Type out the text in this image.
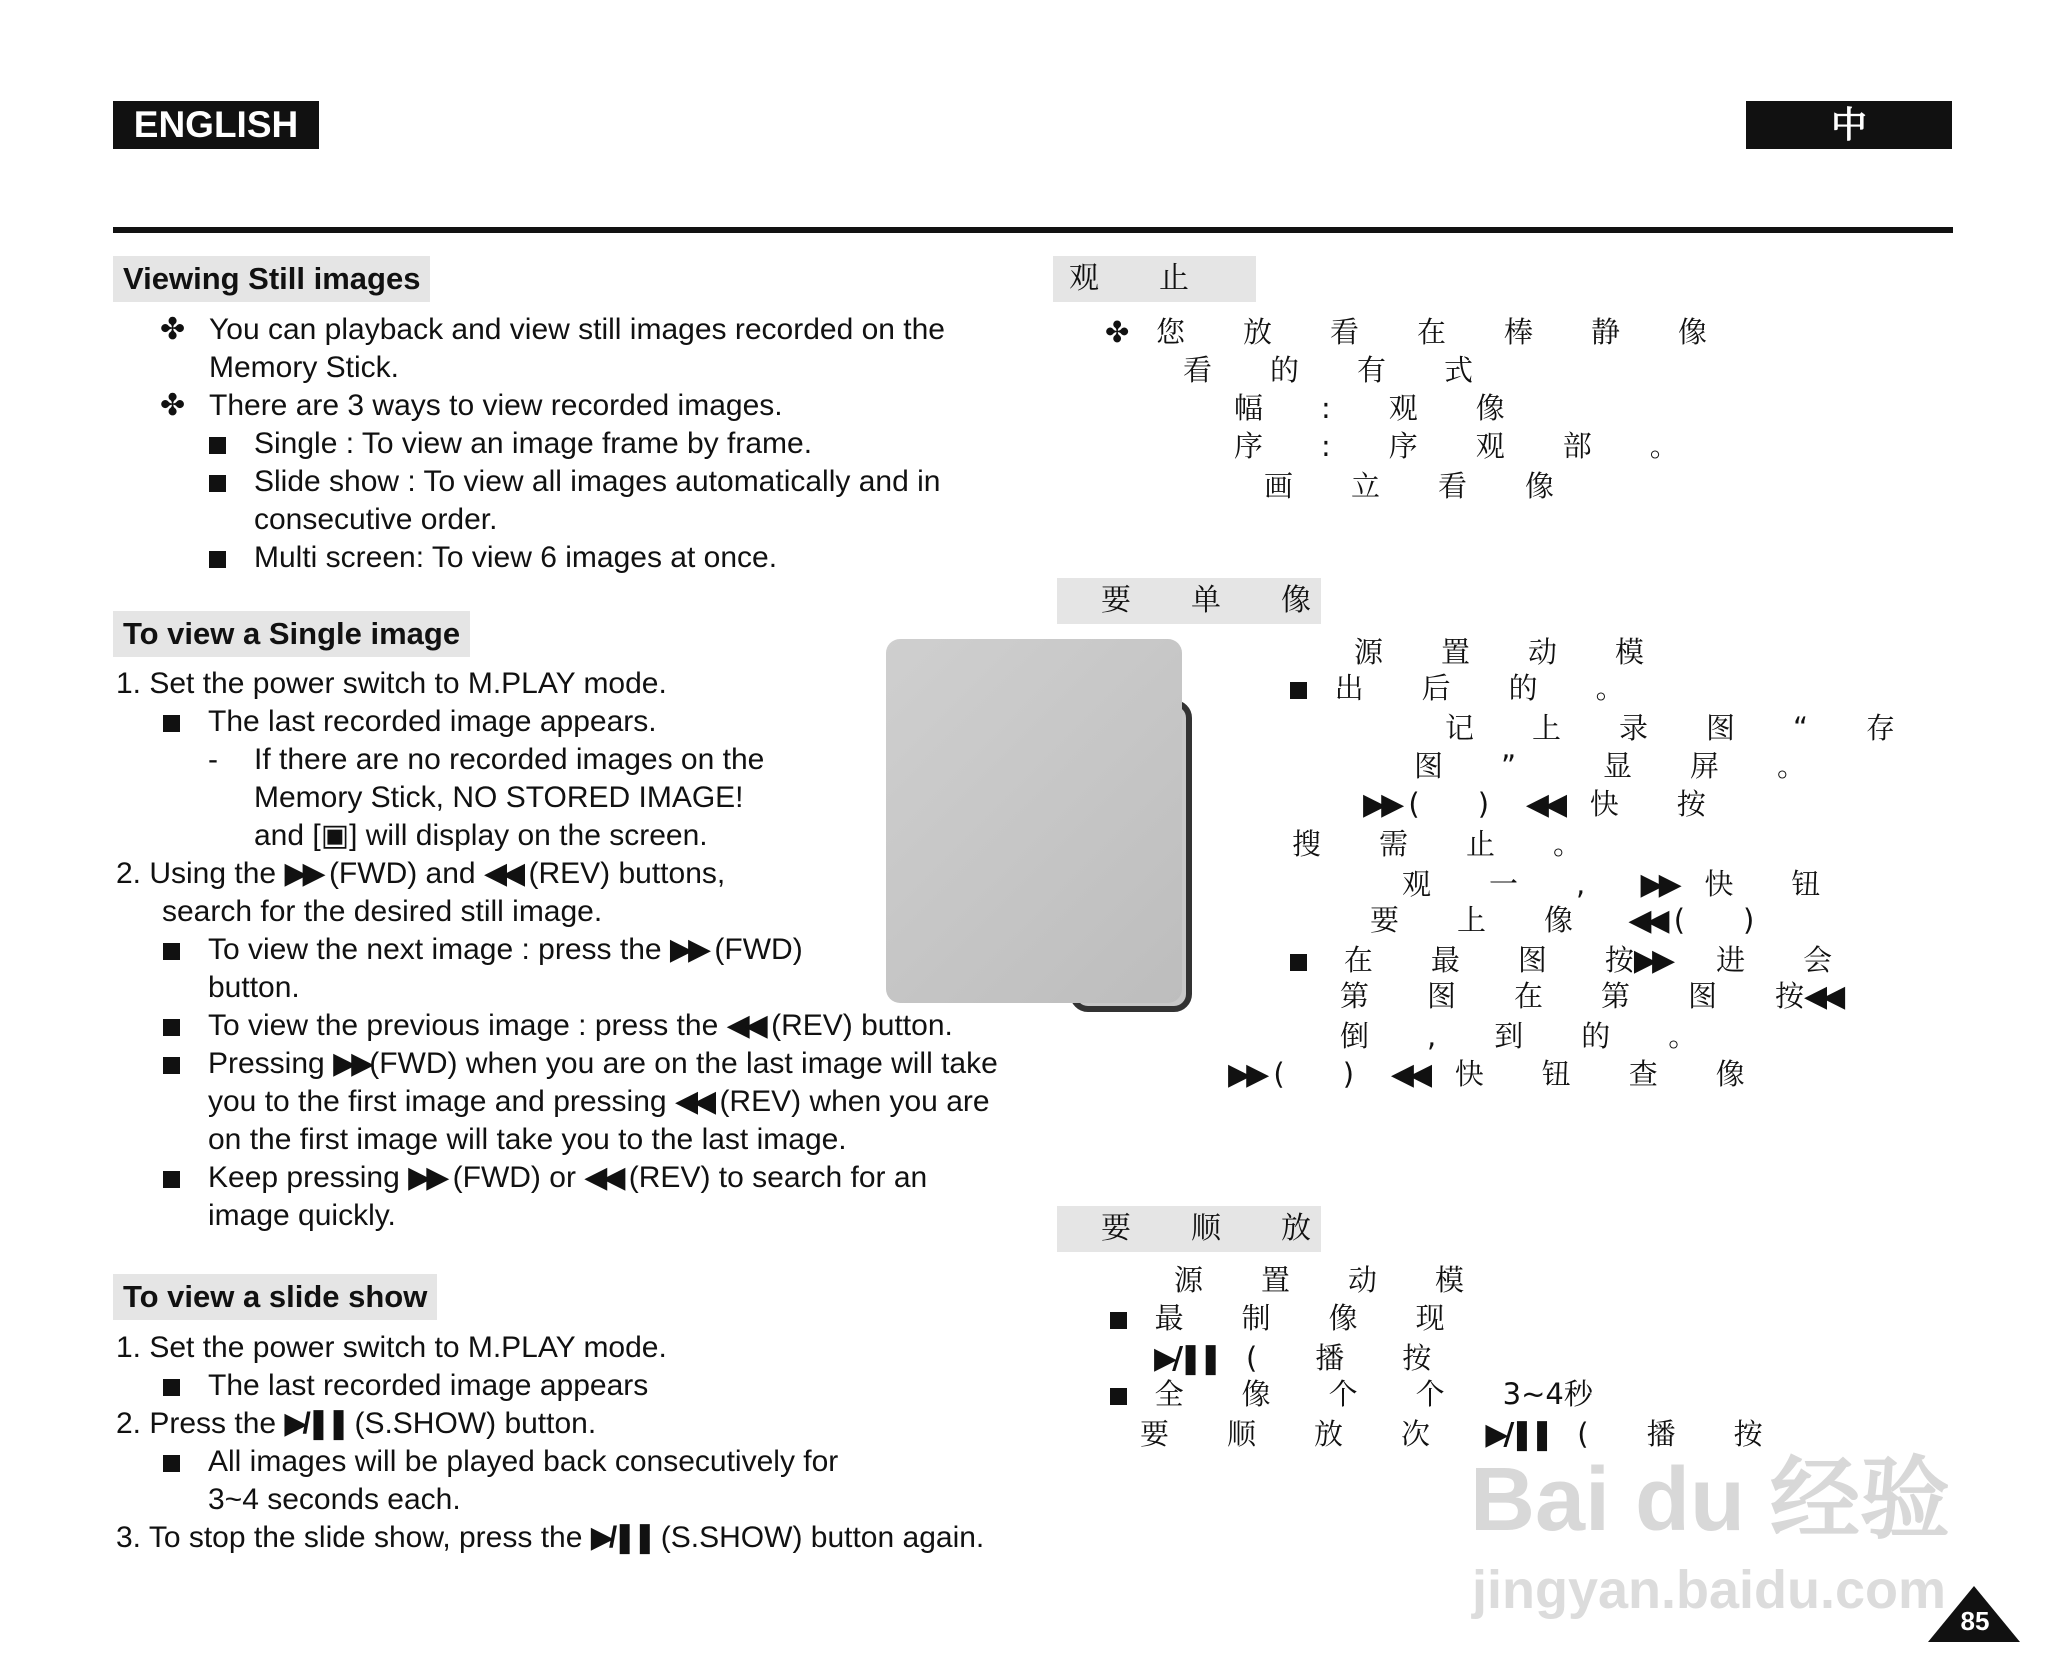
ENGLISH	中
Viewing Still images
✤ You can playback and view still images recorded on the
Memory Stick.
✤ There are 3 ways to view recorded images.
Single : To view an image frame by frame.
Slide show : To view all images automatically and in
consecutive order.
Multi screen: To view 6 images at once.
To view a Single image
1. Set the power switch to M.PLAY mode.
The last recorded image appears.
- If there are no recorded images on the
Memory Stick, NO STORED IMAGE!
and [▣] will display on the screen.
2. Using the ▶▶ (FWD) and ◀◀ (REV) buttons,
search for the desired still image.
To view the next image : press the ▶▶ (FWD)
button.
To view the previous image : press the ◀◀ (REV) button.
Pressing ▶▶(FWD) when you are on the last image will take
you to the first image and pressing ◀◀ (REV) when you are
on the first image will take you to the last image.
Keep pressing ▶▶ (FWD) or ◀◀ (REV) to search for an
image quickly.
To view a slide show
1. Set the power switch to M.PLAY mode.
The last recorded image appears
2. Press the ▶/❚❚ (S.SHOW) button.
All images will be played back consecutively for
3~4 seconds each.
3. To stop the slide show, press the ▶/❚❚ (S.SHOW) button again.
观　　止
✤ 您　　放　　看　　在　　棒　　静　　像
看　　的　　有　　式
幅　　:　　观　　像
序　　:　　序　　观　　部　　。
画　　立　　看　　像
要　　单　　像
源　　置　　动　　模
出　　后　　的　　。
记　　上　　录　　图　　“　　存
图　　”　　　显　　屏　　。
▶▶ (　　) ◀◀ 快　　按
搜　　需　　止　　。
观　　一　　, ▶▶ 快　　钮
要　　上　　像 ◀◀ (　　)
在　　最　　图　　按▶▶ 进　　会
第　　图　　在　　第　　图　　按◀◀
倒　　,　　到　　的　　。
▶▶ (　　) ◀◀ 快　　钮　　查　　像
要　　顺　　放
源　　置　　动　　模
最　　制　　像　　现
▶/❚❚ (　　播　　按
全　　像　　个　　个　　3~4秒
要　　顺　　放　　次 ▶/❚❚ (　　播　　按
Bai du 经验
jingyan.baidu.com
85
